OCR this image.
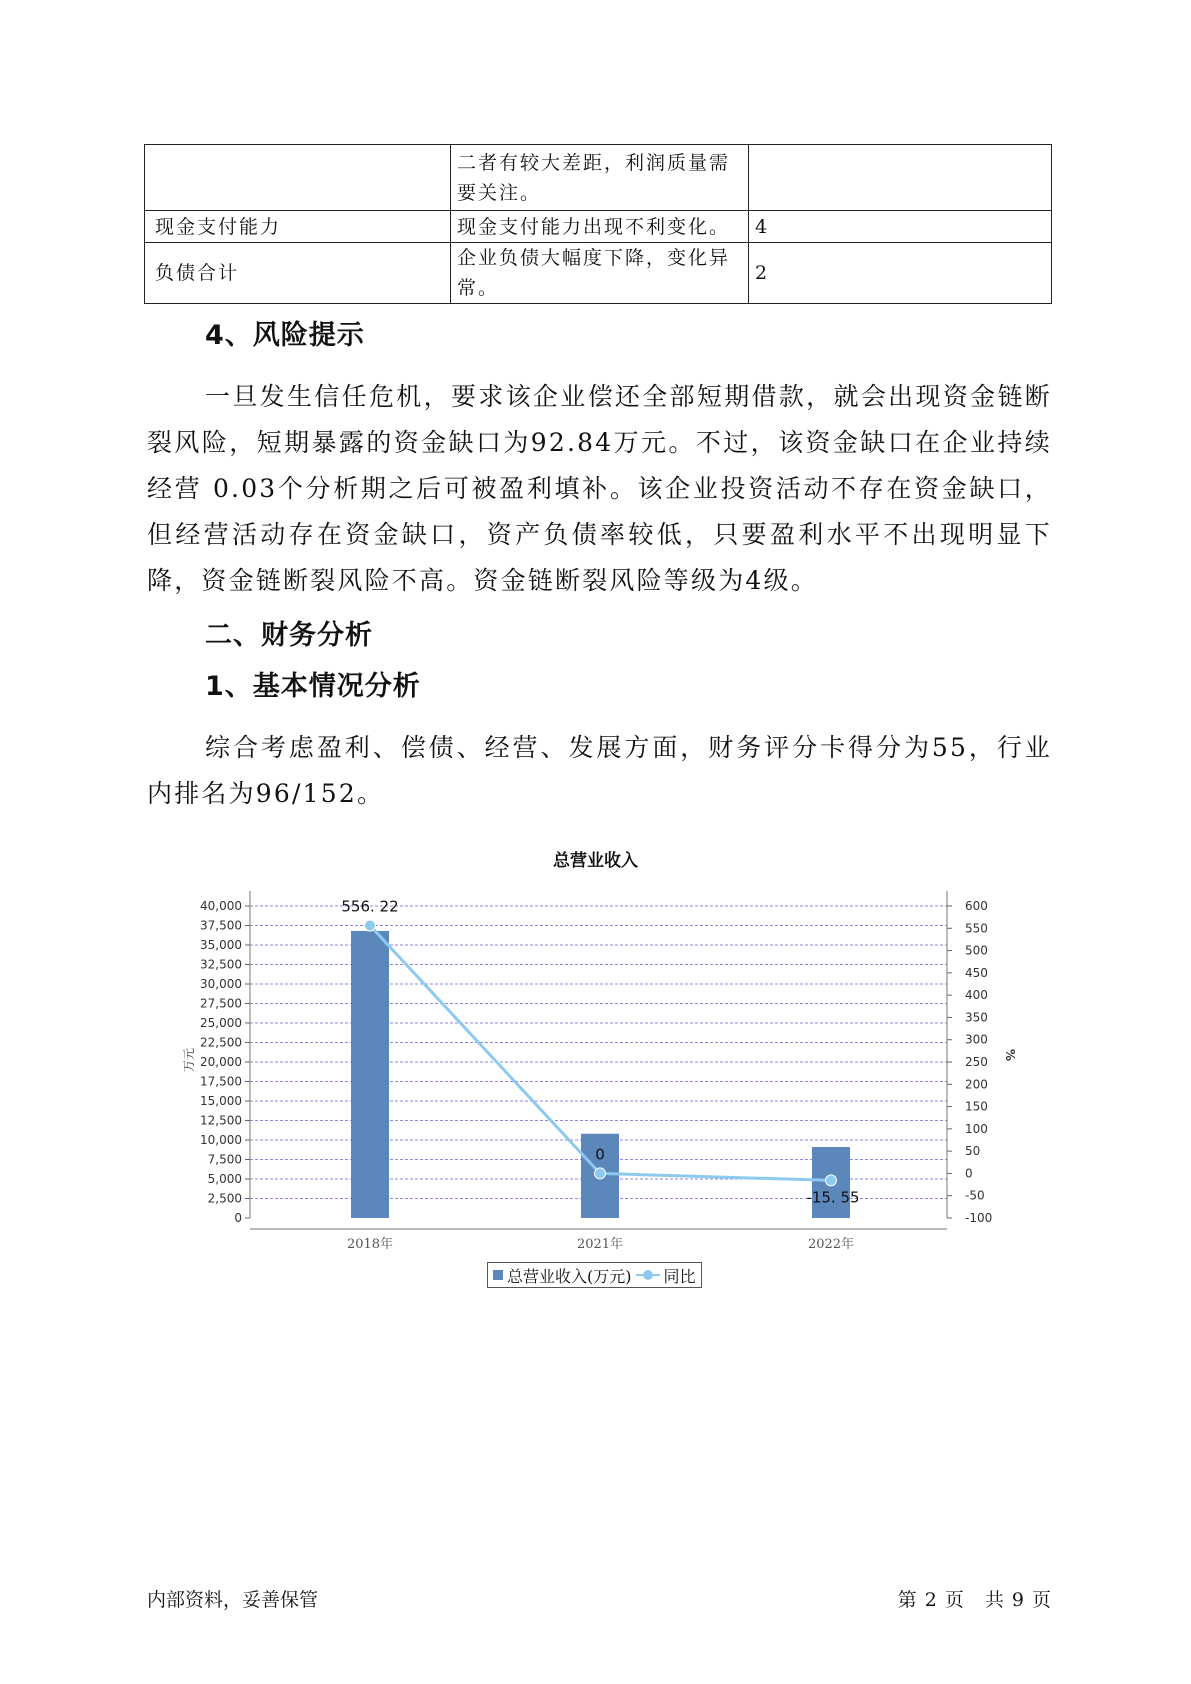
	二者有较大差距，利润质量需要关注。	
现金支付能力	现金支付能力出现不利变化。	4
负债合计	企业负债大幅度下降，变化异常。	2
4、风险提示

一旦发生信任危机，要求该企业偿还全部短期借款，就会出现资金链断裂风险，短期暴露的资金缺口为92.84万元。不过，该资金缺口在企业持续经营 0.03个分析期之后可被盈利填补。该企业投资活动不存在资金缺口，但经营活动存在资金缺口，资产负债率较低，只要盈利水平不出现明显下降，资金链断裂风险不高。资金链断裂风险等级为4级。

二、财务分析
1、基本情况分析

综合考虑盈利、偿债、经营、发展方面，财务评分卡得分为55，行业内排名为96/152。

总营业收入
0
2,500
5,000
7,500
10,000
12,500
15,000
17,500
20,000
22,500
25,000
27,500
30,000
32,500
35,000
37,500
40,000
-100
-50
0
50
100
150
200
250
300
350
400
450
500
550
600
2018年	2021年	2022年
556. 22
0
-15. 55
万元	%
总营业收入(万元) 同比
内部资料，妥善保管	第 2 页　共 9 页
